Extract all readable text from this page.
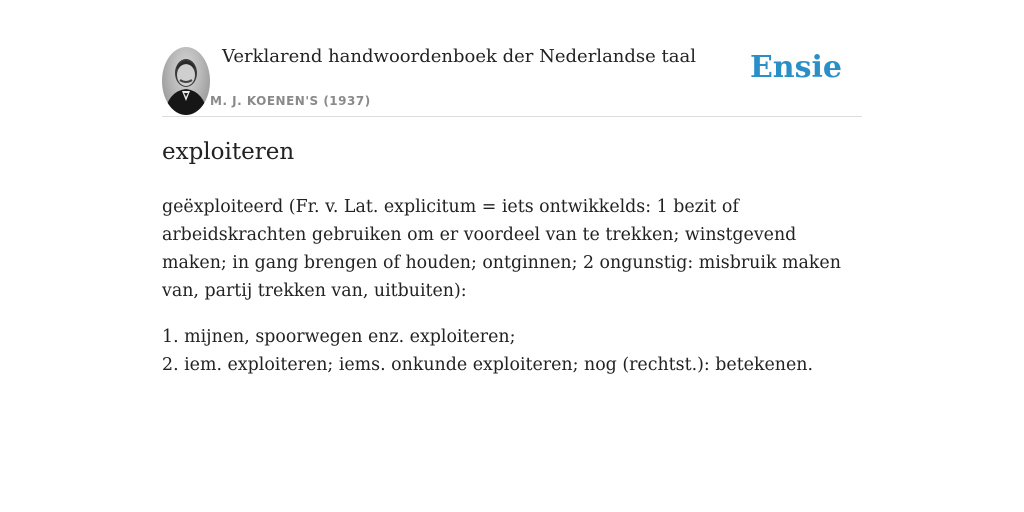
Verklarend handwoordenboek der Nederlandse taal
M. J. KOENEN'S (1937)
Ensie
exploiteren

geëxploiteerd (Fr. v. Lat. explicitum = iets ontwikkelds: 1 bezit of arbeidskrachten gebruiken om er voordeel van te trekken; winstgevend maken; in gang brengen of houden; ontginnen; 2 ongunstig: misbruik maken van, partij trekken van, uitbuiten):

1. mijnen, spoorwegen enz. exploiteren;
2. iem. exploiteren; iems. onkunde exploiteren; nog (rechtst.): betekenen.
